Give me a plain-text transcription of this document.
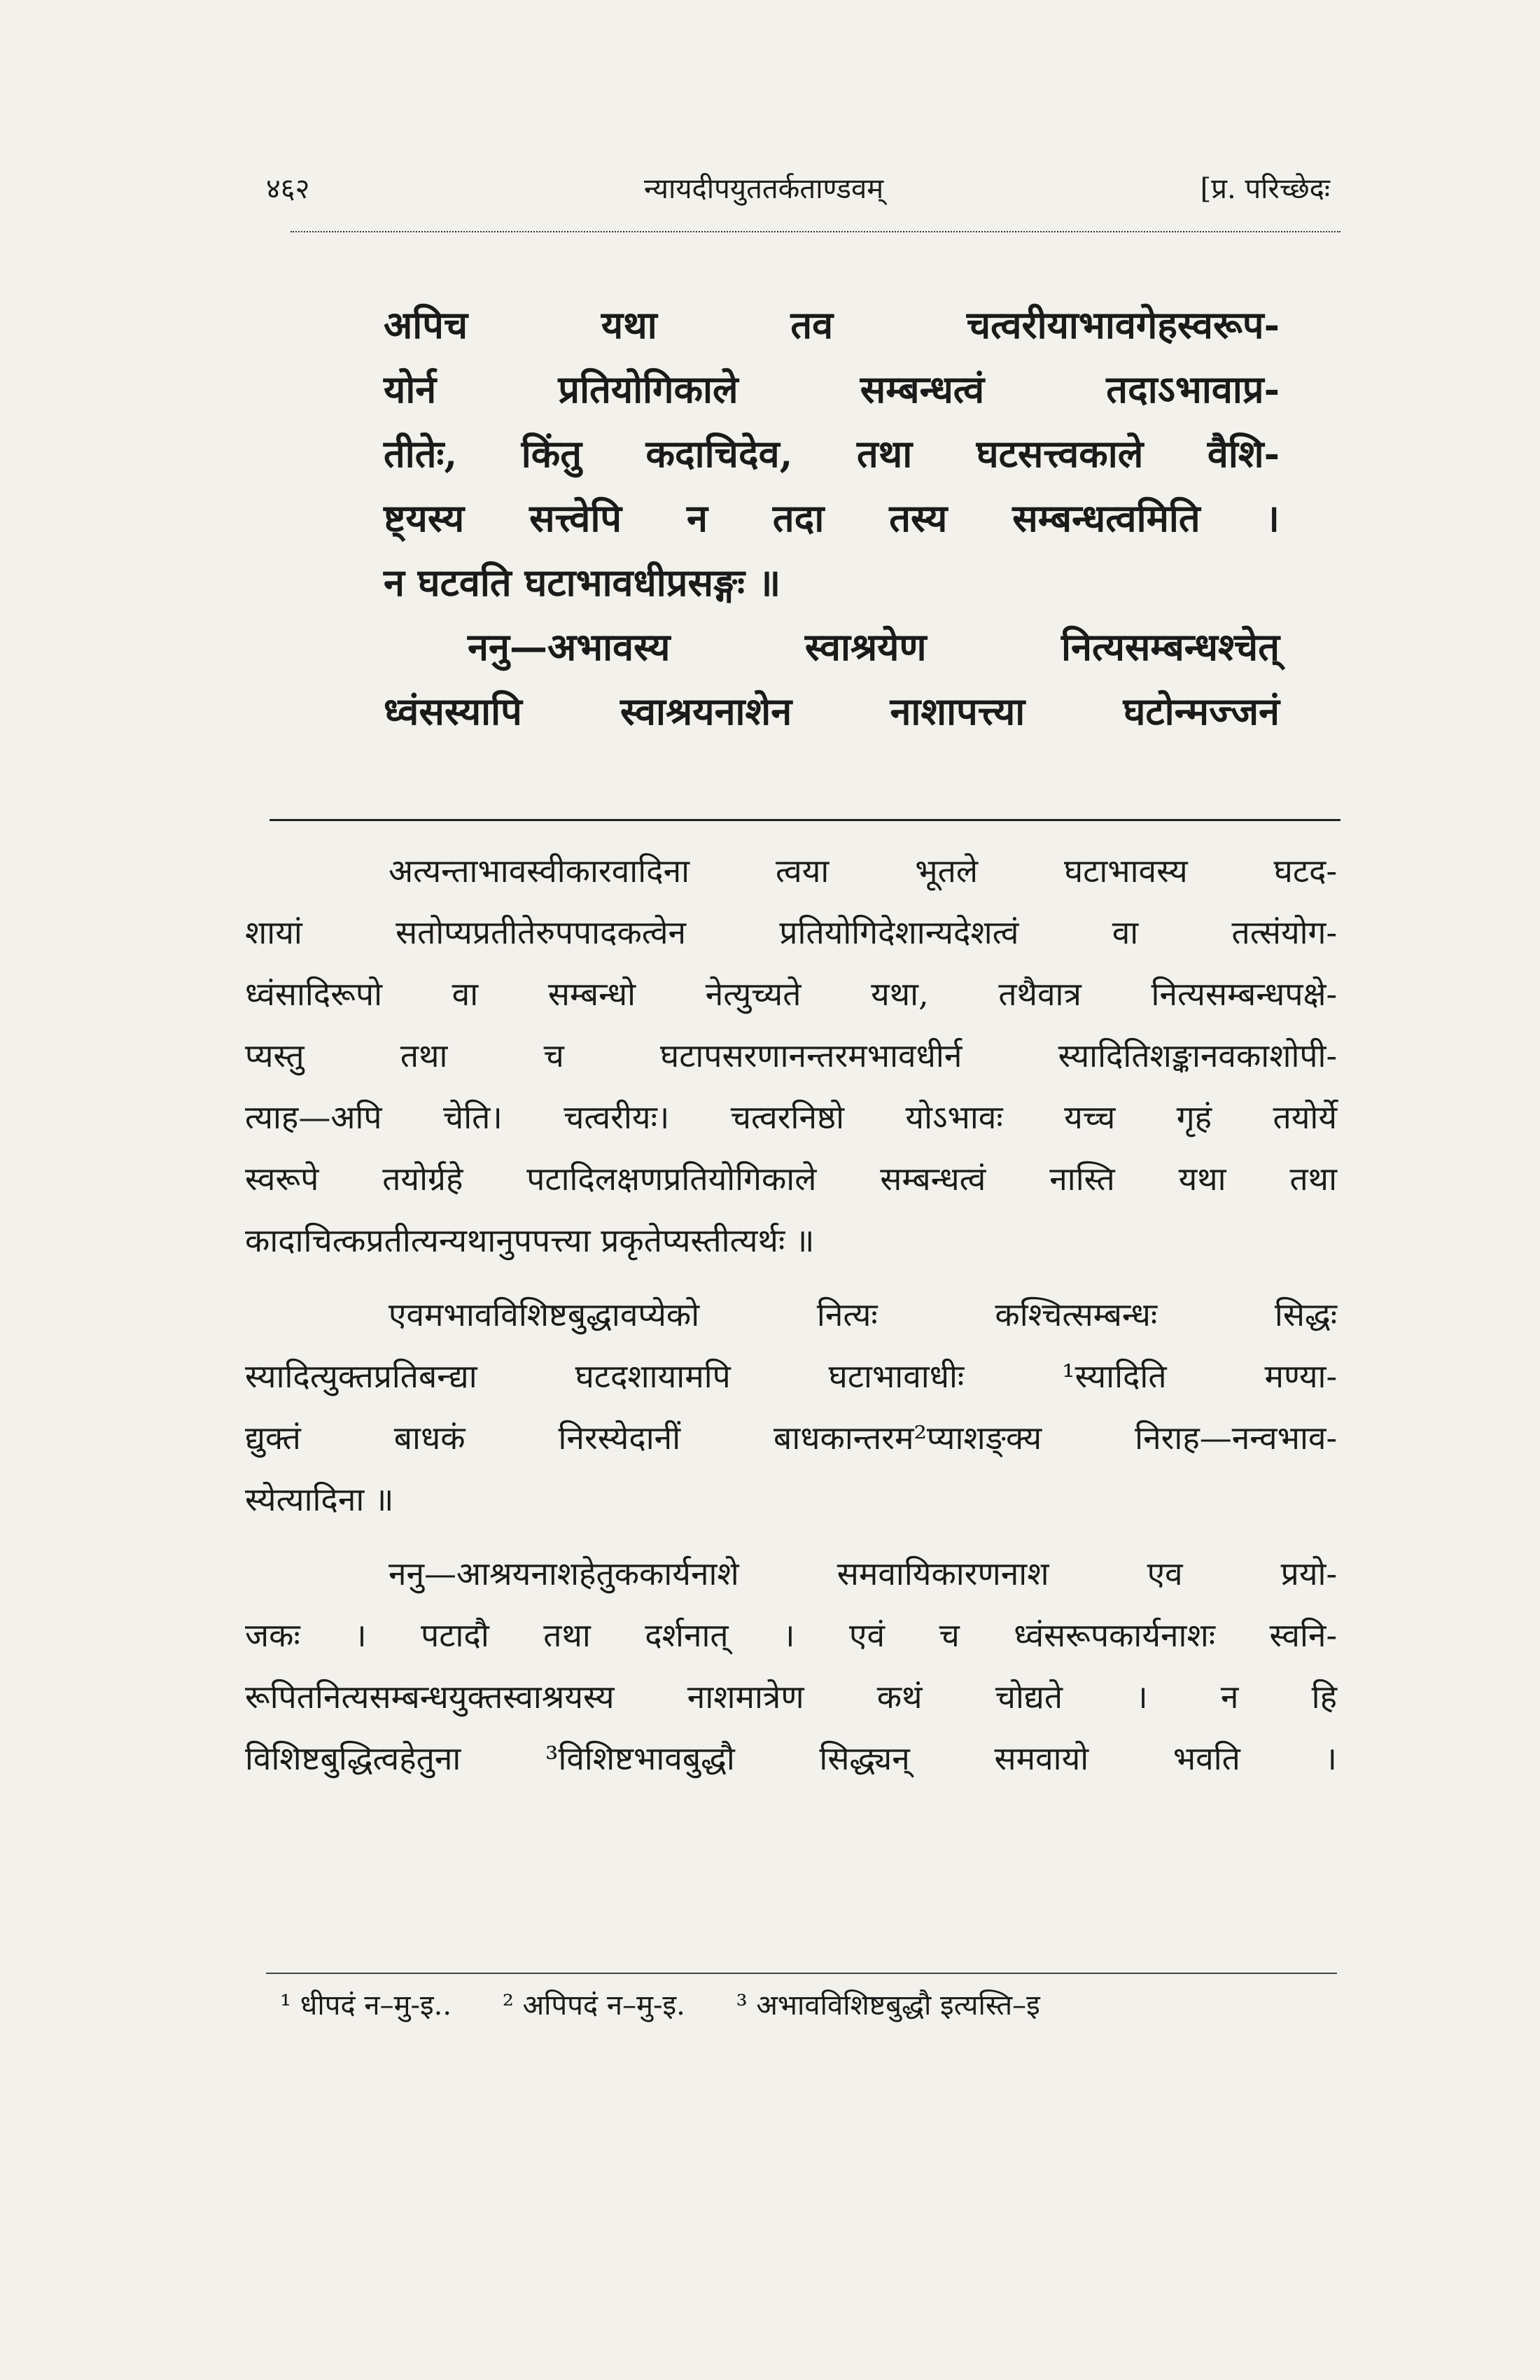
४६२	न्यायदीपयुततर्कताण्डवम्	[प्र. परिच्छेदः
अपिच यथा तव चत्वरीयाभावगेहस्वरूप-
योर्न प्रतियोगिकाले सम्बन्धत्वं तदाऽभावाप्र-
तीतेः, किंतु कदाचिदेव, तथा घटसत्त्वकाले वैशि-
ष्ट्यस्य सत्त्वेपि न तदा तस्य सम्बन्धत्वमिति ।
न घटवति घटाभावधीप्रसङ्गः ॥
ननु—अभावस्य स्वाश्रयेण नित्यसम्बन्धश्चेत्
ध्वंसस्यापि स्वाश्रयनाशेन नाशापत्त्या घटोन्मज्जनं
अत्यन्ताभावस्वीकारवादिना त्वया भूतले घटाभावस्य घटद-
शायां सतोप्यप्रतीतेरुपपादकत्वेन प्रतियोगिदेशान्यदेशत्वं वा तत्संयोग-
ध्वंसादिरूपो वा सम्बन्धो नेत्युच्यते यथा, तथैवात्र नित्यसम्बन्धपक्षे-
प्यस्तु तथा च घटापसरणानन्तरमभावधीर्न स्यादितिशङ्कानवकाशोपी-
त्याह—अपि चेति। चत्वरीयः। चत्वरनिष्ठो योऽभावः यच्च गृहं तयोर्ये
स्वरूपे तयोर्ग्रहे पटादिलक्षणप्रतियोगिकाले सम्बन्धत्वं नास्ति यथा तथा
कादाचित्कप्रतीत्यन्यथानुपपत्त्या प्रकृतेप्यस्तीत्यर्थः ॥
एवमभावविशिष्टबुद्धावप्येको नित्यः कश्चित्सम्बन्धः सिद्धः
स्यादित्युक्तप्रतिबन्द्या घटदशायामपि घटाभावाधीः ¹स्यादिति मण्या-
द्युक्तं बाधकं निरस्येदानीं बाधकान्तरम²प्याशङ्क्य निराह—नन्वभाव-
स्येत्यादिना ॥
ननु—आश्रयनाशहेतुककार्यनाशे समवायिकारणनाश एव प्रयो-
जकः । पटादौ तथा दर्शनात् । एवं च ध्वंसरूपकार्यनाशः स्वनि-
रूपितनित्यसम्बन्धयुक्तस्वाश्रयस्य नाशमात्रेण कथं चोद्यते । न हि
विशिष्टबुद्धित्वहेतुना ³विशिष्टभावबुद्धौ सिद्ध्यन् समवायो भवति ।
¹ धीपदं न–मु-इ.. ² अपिपदं न–मु-इ. ³ अभावविशिष्टबुद्धौ इत्यस्ति–इ
